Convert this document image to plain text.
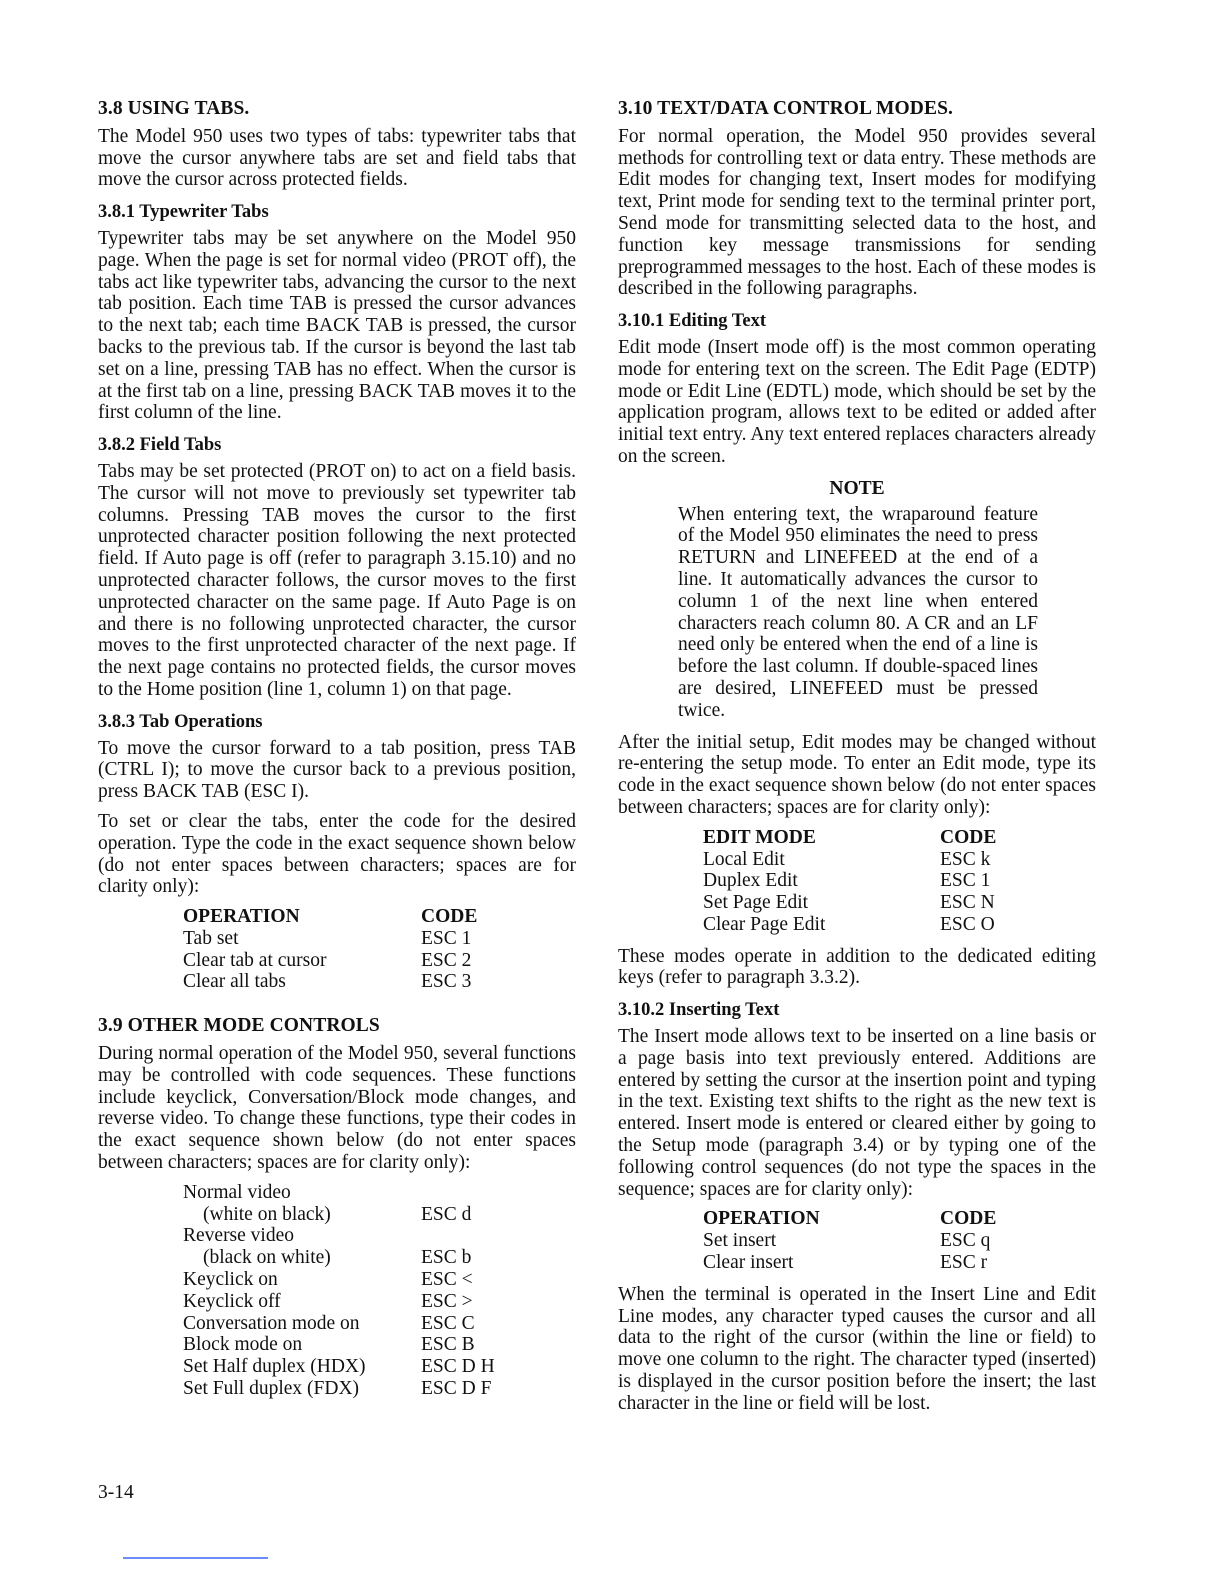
3.8 USING TABS.

The Model 950 uses two types of tabs: typewriter tabs that move the cursor anywhere tabs are set and field tabs that move the cursor across protected fields.

3.8.1 Typewriter Tabs

Typewriter tabs may be set anywhere on the Model 950 page. When the page is set for normal video (PROT off), the tabs act like typewriter tabs, advancing the cursor to the next tab position. Each time TAB is pressed the cursor advances to the next tab; each time BACK TAB is pressed, the cursor backs to the previous tab. If the cursor is beyond the last tab set on a line, pressing TAB has no effect. When the cursor is at the first tab on a line, pressing BACK TAB moves it to the first column of the line.

3.8.2 Field Tabs

Tabs may be set protected (PROT on) to act on a field basis. The cursor will not move to previously set typewriter tab columns. Pressing TAB moves the cursor to the first unprotected character position following the next protected field. If Auto page is off (refer to paragraph 3.15.10) and no unprotected character follows, the cursor moves to the first unprotected character on the same page. If Auto Page is on and there is no following unprotected character, the cursor moves to the first unprotected character of the next page. If the next page contains no protected fields, the cursor moves to the Home position (line 1, column 1) on that page.

3.8.3 Tab Operations

To move the cursor forward to a tab position, press TAB (CTRL I); to move the cursor back to a previous position, press BACK TAB (ESC I).

To set or clear the tabs, enter the code for the desired operation. Type the code in the exact sequence shown below (do not enter spaces between characters; spaces are for clarity only):

OPERATION	CODE
Tab set	ESC 1
Clear tab at cursor	ESC 2
Clear all tabs	ESC 3
3.9 OTHER MODE CONTROLS

During normal operation of the Model 950, several functions may be controlled with code sequences. These functions include keyclick, Conversation/Block mode changes, and reverse video. To change these functions, type their codes in the exact sequence shown below (do not enter spaces between characters; spaces are for clarity only):

Normal video	
(white on black)	ESC d
Reverse video	
(black on white)	ESC b
Keyclick on	ESC <
Keyclick off	ESC >
Conversation mode on	ESC C
Block mode on	ESC B
Set Half duplex (HDX)	ESC D H
Set Full duplex (FDX)	ESC D F
3.10 TEXT/DATA CONTROL MODES.

For normal operation, the Model 950 provides several methods for controlling text or data entry. These methods are Edit modes for changing text, Insert modes for modifying text, Print mode for sending text to the terminal printer port, Send mode for transmitting selected data to the host, and function key message transmissions for sending preprogrammed messages to the host. Each of these modes is described in the following paragraphs.

3.10.1 Editing Text

Edit mode (Insert mode off) is the most common operating mode for entering text on the screen. The Edit Page (EDTP) mode or Edit Line (EDTL) mode, which should be set by the application program, allows text to be edited or added after initial text entry. Any text entered replaces characters already on the screen.

NOTE
When entering text, the wraparound feature of the Model 950 eliminates the need to press RETURN and LINEFEED at the end of a line. It automatically advances the cursor to column 1 of the next line when entered characters reach column 80. A CR and an LF need only be entered when the end of a line is before the last column. If double-spaced lines are desired, LINEFEED must be pressed twice.

After the initial setup, Edit modes may be changed without re-entering the setup mode. To enter an Edit mode, type its code in the exact sequence shown below (do not enter spaces between characters; spaces are for clarity only):

EDIT MODE	CODE
Local Edit	ESC k
Duplex Edit	ESC 1
Set Page Edit	ESC N
Clear Page Edit	ESC O

These modes operate in addition to the dedicated editing keys (refer to paragraph 3.3.2).

3.10.2 Inserting Text

The Insert mode allows text to be inserted on a line basis or a page basis into text previously entered. Additions are entered by setting the cursor at the insertion point and typing in the text. Existing text shifts to the right as the new text is entered. Insert mode is entered or cleared either by going to the Setup mode (paragraph 3.4) or by typing one of the following control sequences (do not type the spaces in the sequence; spaces are for clarity only):

OPERATION	CODE
Set insert	ESC q
Clear insert	ESC r

When the terminal is operated in the Insert Line and Edit Line modes, any character typed causes the cursor and all data to the right of the cursor (within the line or field) to move one column to the right. The character typed (inserted) is displayed in the cursor position before the insert; the last character in the line or field will be lost.

3-14
